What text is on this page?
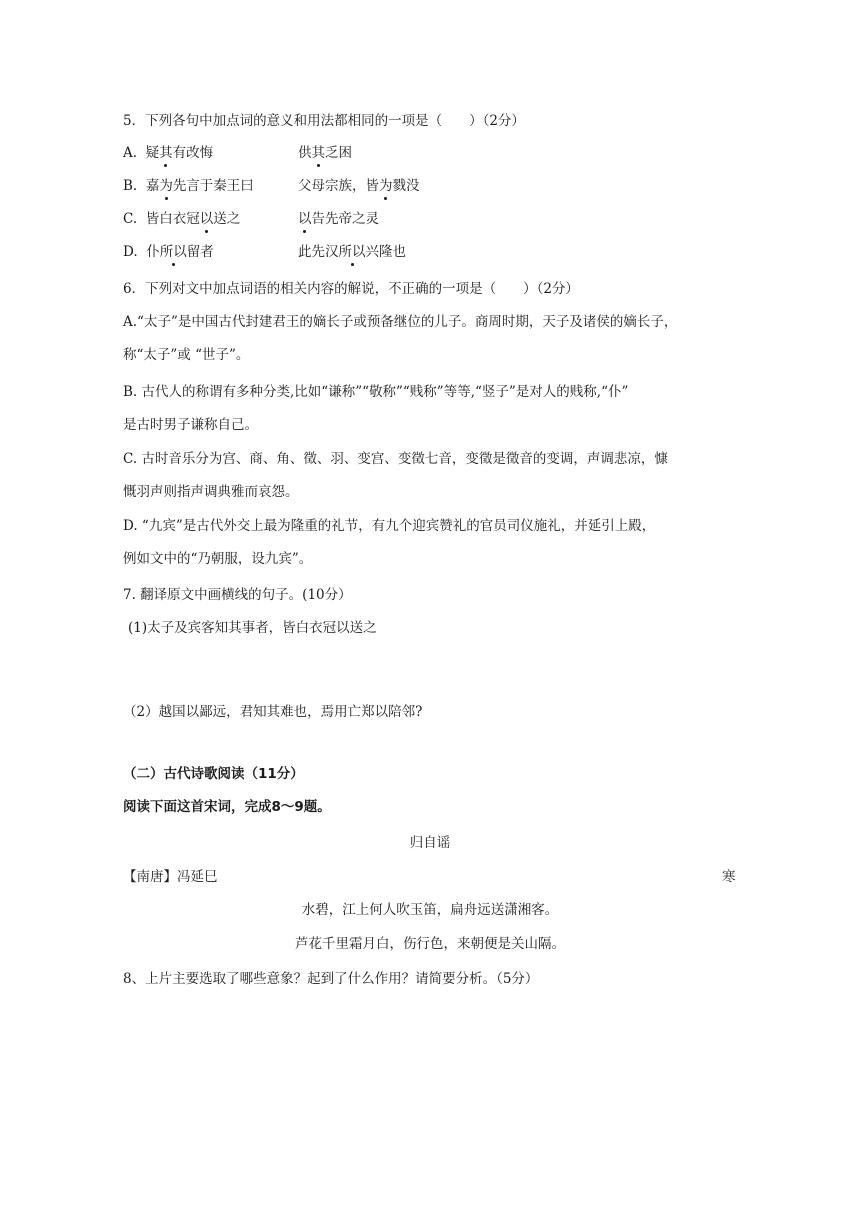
5．下列各句中加点词的意义和用法都相同的一项是（　　）（2分）
A. 疑其有改悔	供其乏困
B. 嘉为先言于秦王曰	父母宗族，皆为戮没
C. 皆白衣冠以送之	以告先帝之灵
D. 仆所以留者	此先汉所以兴隆也
6．下列对文中加点词语的相关内容的解说，不正确的一项是（　　）（2分）
A.“太子”是中国古代封建君王的嫡长子或预备继位的儿子。商周时期，天子及诸侯的嫡长子，
称“太子”或 “世子”。
B. 古代人的称谓有多种分类,比如“谦称”“敬称”“贱称”等等,“竖子”是对人的贱称,“仆”
是古时男子谦称自己。
C. 古时音乐分为宫、商、角、徵、羽、变宫、变徵七音，变徵是徵音的变调，声调悲凉，慷
慨羽声则指声调典雅而哀怨。
D. “九宾”是古代外交上最为隆重的礼节，有九个迎宾赞礼的官员司仪施礼，并延引上殿，
例如文中的“乃朝服，设九宾”。
7. 翻译原文中画横线的句子。(10分）
(1)太子及宾客知其事者，皆白衣冠以送之
（2）越国以鄙远，君知其难也，焉用亡郑以陪邻?
（二）古代诗歌阅读（11分）
阅读下面这首宋词，完成8～9题。
归自谣
【南唐】冯延巳	寒
水碧，江上何人吹玉笛，扁舟远送潇湘客。
芦花千里霜月白，伤行色，来朝便是关山隔。
8、上片主要选取了哪些意象？起到了什么作用？请简要分析。（5分）
